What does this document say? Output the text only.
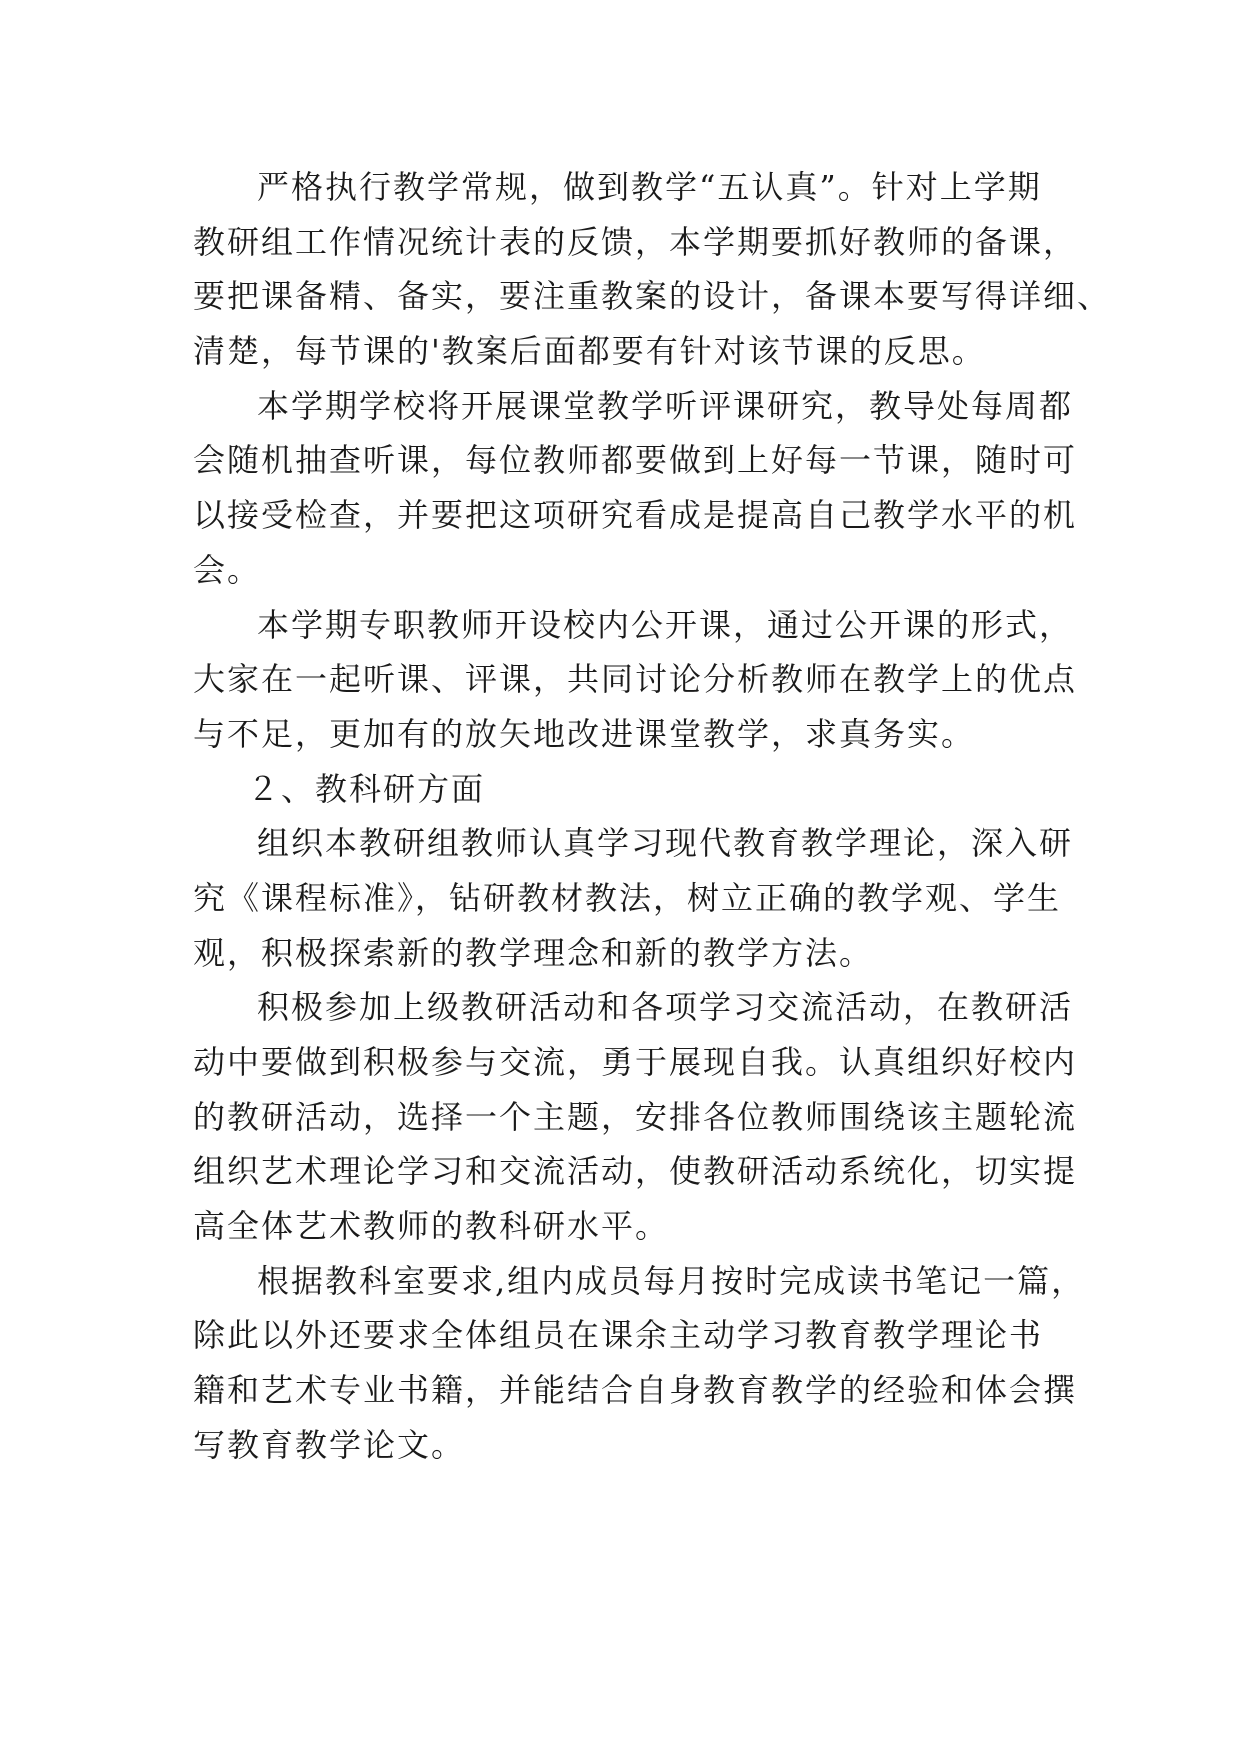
严格执行教学常规，做到教学“五认真”。针对上学期
教研组工作情况统计表的反馈，本学期要抓好教师的备课，
要把课备精、备实，要注重教案的设计，备课本要写得详细、
清楚，每节课的'教案后面都要有针对该节课的反思。
本学期学校将开展课堂教学听评课研究，教导处每周都
会随机抽查听课，每位教师都要做到上好每一节课，随时可
以接受检查，并要把这项研究看成是提高自己教学水平的机
会。
本学期专职教师开设校内公开课，通过公开课的形式，
大家在一起听课、评课，共同讨论分析教师在教学上的优点
与不足，更加有的放矢地改进课堂教学，求真务实。
２、教科研方面
组织本教研组教师认真学习现代教育教学理论，深入研
究《课程标准》，钻研教材教法，树立正确的教学观、学生
观，积极探索新的教学理念和新的教学方法。
积极参加上级教研活动和各项学习交流活动，在教研活
动中要做到积极参与交流，勇于展现自我。认真组织好校内
的教研活动，选择一个主题，安排各位教师围绕该主题轮流
组织艺术理论学习和交流活动，使教研活动系统化，切实提
高全体艺术教师的教科研水平。
根据教科室要求,组内成员每月按时完成读书笔记一篇，
除此以外还要求全体组员在课余主动学习教育教学理论书
籍和艺术专业书籍，并能结合自身教育教学的经验和体会撰
写教育教学论文。
